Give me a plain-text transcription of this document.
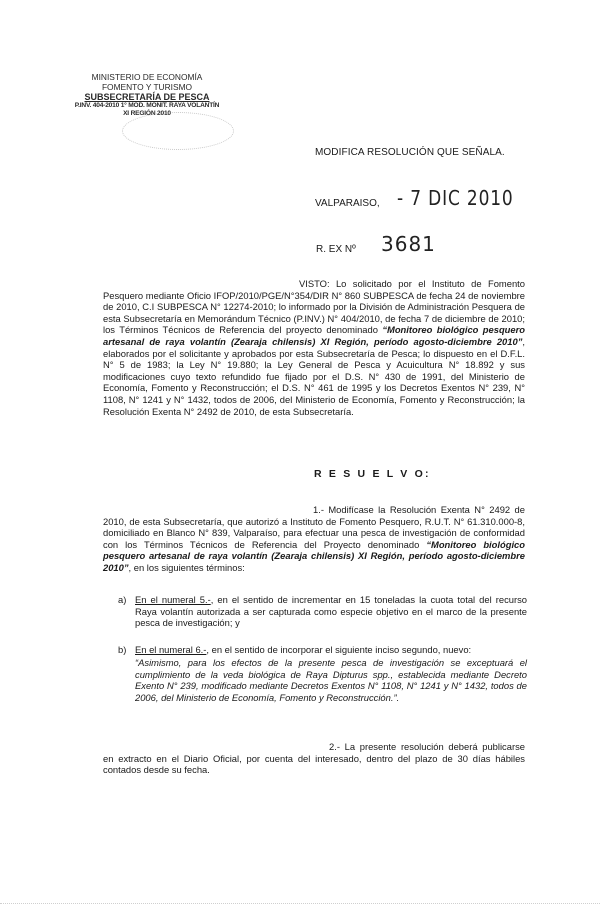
MINISTERIO DE ECONOMÍA
FOMENTO Y TURISMO
SUBSECRETARÍA DE PESCA
P.INV. 404-2010 1° MOD. MONIT. RAYA VOLANTÍN
XI REGIÓN 2010
MODIFICA RESOLUCIÓN QUE SEÑALA.
VALPARAISO, - 7 DIC 2010
R. EX Nº 3681
VISTO: Lo solicitado por el Instituto de Fomento Pesquero mediante Oficio IFOP/2010/PGE/N°354/DIR N° 860 SUBPESCA de fecha 24 de noviembre de 2010, C.I SUBPESCA N° 12274-2010; lo informado por la División de Administración Pesquera de esta Subsecretaría en Memorándum Técnico (P.INV.) N° 404/2010, de fecha 7 de diciembre de 2010; los Términos Técnicos de Referencia del proyecto denominado “Monitoreo biológico pesquero artesanal de raya volantín (Zearaja chilensis) XI Región, período agosto-diciembre 2010”, elaborados por el solicitante y aprobados por esta Subsecretaría de Pesca; lo dispuesto en el D.F.L. N° 5 de 1983; la Ley N° 19.880; la Ley General de Pesca y Acuicultura N° 18.892 y sus modificaciones cuyo texto refundido fue fijado por el D.S. N° 430 de 1991, del Ministerio de Economía, Fomento y Reconstrucción; el D.S. N° 461 de 1995 y los Decretos Exentos N° 239, N° 1108, N° 1241 y N° 1432, todos de 2006, del Ministerio de Economía, Fomento y Reconstrucción; la Resolución Exenta N° 2492 de 2010, de esta Subsecretaría.
R E S U E L V O:
1.- Modifícase la Resolución Exenta N° 2492 de 2010, de esta Subsecretaría, que autorizó a Instituto de Fomento Pesquero, R.U.T. N° 61.310.000-8, domiciliado en Blanco N° 839, Valparaíso, para efectuar una pesca de investigación de conformidad con los Términos Técnicos de Referencia del Proyecto denominado “Monitoreo biológico pesquero artesanal de raya volantín (Zearaja chilensis) XI Región, período agosto-diciembre 2010”, en los siguientes términos:
a) En el numeral 5.-, en el sentido de incrementar en 15 toneladas la cuota total del recurso Raya volantín autorizada a ser capturada como especie objetivo en el marco de la presente pesca de investigación; y
b) En el numeral 6.-, en el sentido de incorporar el siguiente inciso segundo, nuevo:
“Asimismo, para los efectos de la presente pesca de investigación se exceptuará el cumplimiento de la veda biológica de Raya Dipturus spp., establecida mediante Decreto Exento N° 239, modificado mediante Decretos Exentos N° 1108, N° 1241 y N° 1432, todos de 2006, del Ministerio de Economía, Fomento y Reconstrucción.”.
2.- La presente resolución deberá publicarse en extracto en el Diario Oficial, por cuenta del interesado, dentro del plazo de 30 días hábiles contados desde su fecha.
